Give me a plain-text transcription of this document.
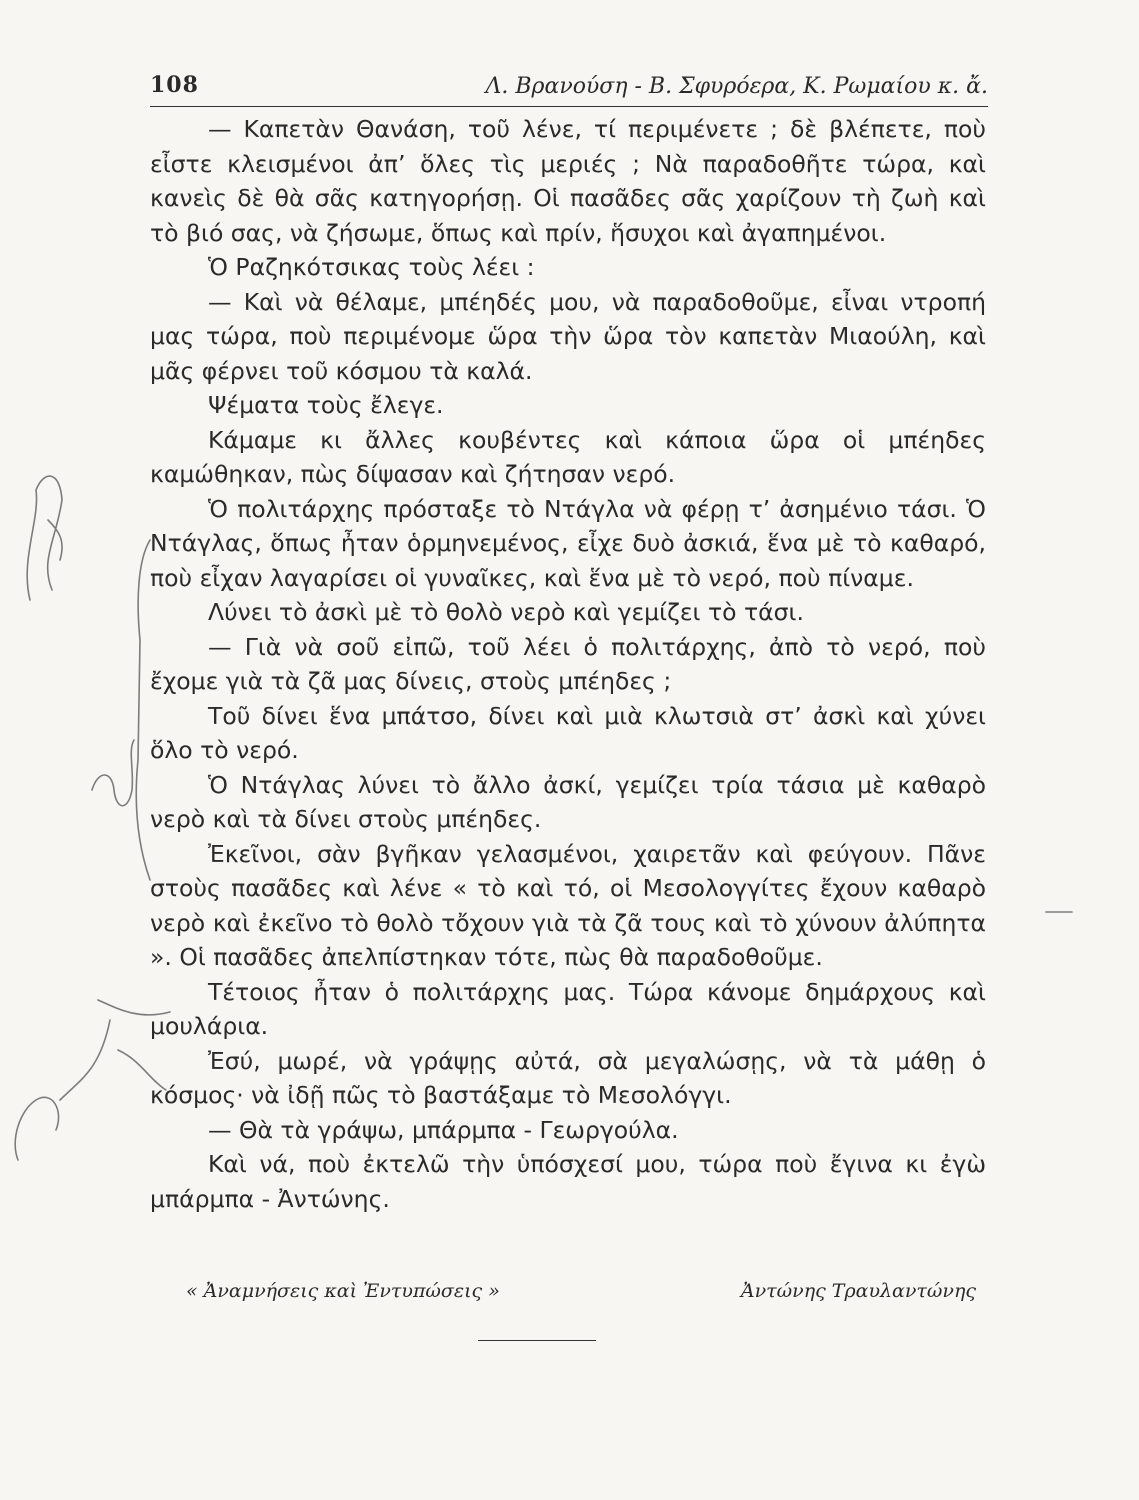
108	Λ. Βρανούση - Β. Σφυρόερα, Κ. Ρωμαίου κ. ἄ.

— Καπετὰν Θανάση, τοῦ λένε, τί περιμένετε ; δὲ βλέπετε, ποὺ εἶστε κλεισμένοι ἀπ’ ὅλες τὶς μεριές ; Νὰ παραδοθῆτε τώρα, καὶ κανεὶς δὲ θὰ σᾶς κατηγορήσῃ. Οἱ πασᾶδες σᾶς χαρίζουν τὴ ζωὴ καὶ τὸ βιό σας, νὰ ζήσωμε, ὅπως καὶ πρίν, ἥσυχοι καὶ ἀγαπημένοι.

Ὁ Ραζηκότσικας τοὺς λέει :

— Καὶ νὰ θέλαμε, μπέηδές μου, νὰ παραδοθοῦμε, εἶναι ντροπή μας τώρα, ποὺ περιμένομε ὥρα τὴν ὥρα τὸν καπετὰν Μιαούλη, καὶ μᾶς φέρνει τοῦ κόσμου τὰ καλά.

Ψέματα τοὺς ἔλεγε.

Κάμαμε κι ἄλλες κουβέντες καὶ κάποια ὥρα οἱ μπέηδες καμώθηκαν, πὼς δίψασαν καὶ ζήτησαν νερό.

Ὁ πολιτάρχης πρόσταξε τὸ Ντάγλα νὰ φέρῃ τ’ ἀσημένιο τάσι. Ὁ Ντάγλας, ὅπως ἦταν ὁρμηνεμένος, εἶχε δυὸ ἀσκιά, ἕνα μὲ τὸ καθαρό, ποὺ εἶχαν λαγαρίσει οἱ γυναῖκες, καὶ ἕνα μὲ τὸ νερό, ποὺ πίναμε.

Λύνει τὸ ἀσκὶ μὲ τὸ θολὸ νερὸ καὶ γεμίζει τὸ τάσι.

— Γιὰ νὰ σοῦ εἰπῶ, τοῦ λέει ὁ πολιτάρχης, ἀπὸ τὸ νερό, ποὺ ἔχομε γιὰ τὰ ζᾶ μας δίνεις, στοὺς μπέηδες ;

Τοῦ δίνει ἕνα μπάτσο, δίνει καὶ μιὰ κλωτσιὰ στ’ ἀσκὶ καὶ χύνει ὅλο τὸ νερό.

Ὁ Ντάγλας λύνει τὸ ἄλλο ἀσκί, γεμίζει τρία τάσια μὲ καθαρὸ νερὸ καὶ τὰ δίνει στοὺς μπέηδες.

Ἐκεῖνοι, σὰν βγῆκαν γελασμένοι, χαιρετᾶν καὶ φεύγουν. Πᾶνε στοὺς πασᾶδες καὶ λένε « τὸ καὶ τό, οἱ Μεσολογγίτες ἔχουν καθαρὸ νερὸ καὶ ἐκεῖνο τὸ θολὸ τὄχουν γιὰ τὰ ζᾶ τους καὶ τὸ χύνουν ἀλύπητα ». Οἱ πασᾶδες ἀπελπίστηκαν τότε, πὼς θὰ παραδοθοῦμε.

Τέτοιος ἦταν ὁ πολιτάρχης μας. Τώρα κάνομε δημάρχους καὶ μουλάρια.

Ἐσύ, μωρέ, νὰ γράψῃς αὐτά, σὰ μεγαλώσῃς, νὰ τὰ μάθῃ ὁ κόσμος· νὰ ἰδῇ πῶς τὸ βαστάξαμε τὸ Μεσολόγγι.

— Θὰ τὰ γράψω, μπάρμπα - Γεωργούλα.

Καὶ νά, ποὺ ἐκτελῶ τὴν ὑπόσχεσί μου, τώρα ποὺ ἔγινα κι ἐγὼ μπάρμπα - Ἀντώνης.

« Ἀναμνήσεις καὶ Ἐντυπώσεις »	Ἀντώνης Τραυλαντώνης
